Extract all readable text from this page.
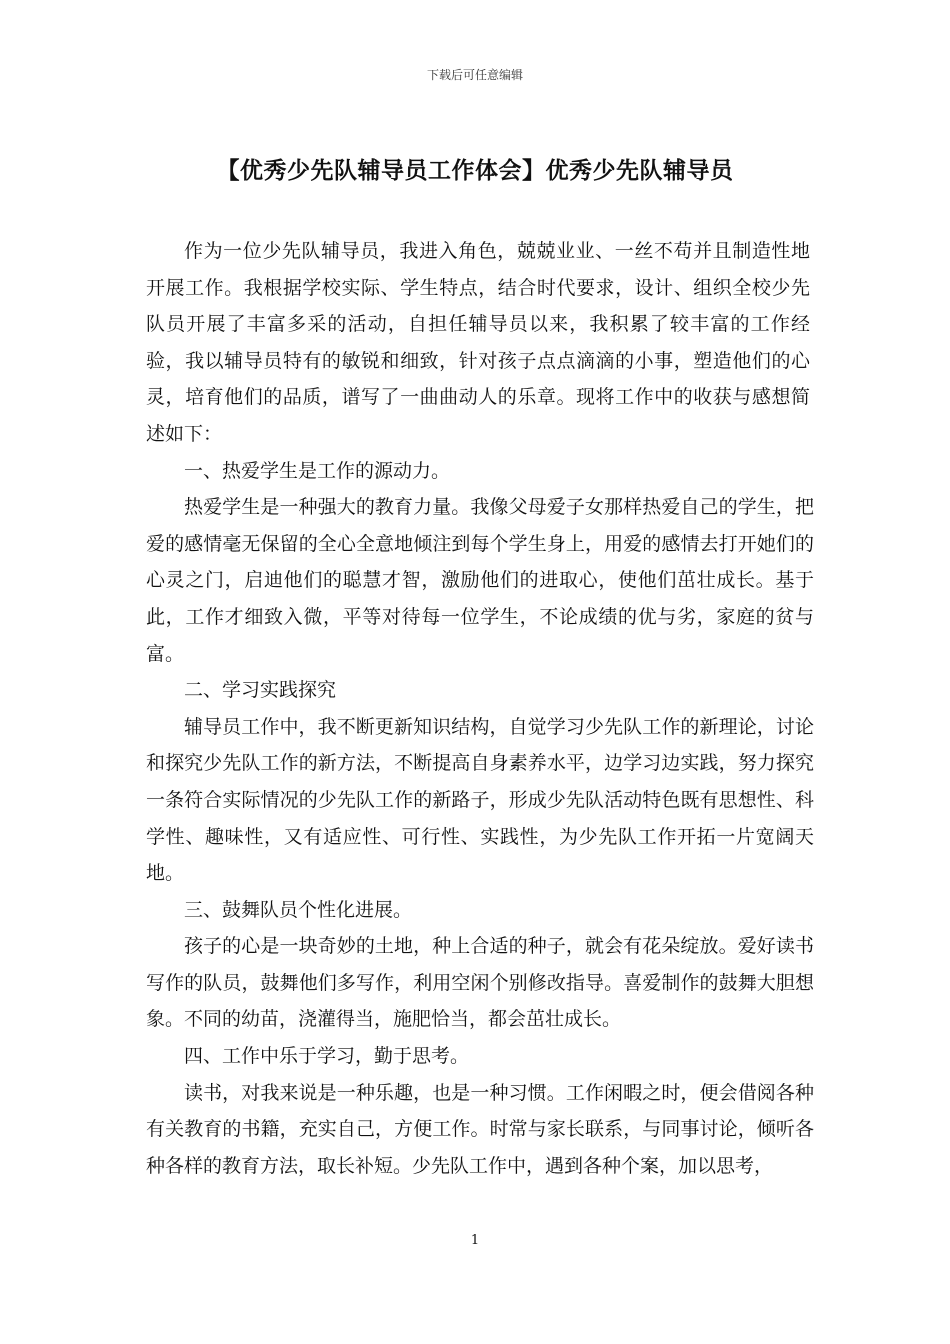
下载后可任意编辑
【优秀少先队辅导员工作体会】优秀少先队辅导员

作为一位少先队辅导员，我进入角色，兢兢业业、一丝不苟并且制造性地开展工作。我根据学校实际、学生特点，结合时代要求，设计、组织全校少先队员开展了丰富多采的活动，自担任辅导员以来，我积累了较丰富的工作经验，我以辅导员特有的敏锐和细致，针对孩子点点滴滴的小事，塑造他们的心灵，培育他们的品质，谱写了一曲曲动人的乐章。现将工作中的收获与感想简述如下：

一、热爱学生是工作的源动力。

热爱学生是一种强大的教育力量。我像父母爱子女那样热爱自己的学生，把爱的感情毫无保留的全心全意地倾注到每个学生身上，用爱的感情去打开她们的心灵之门，启迪他们的聪慧才智，激励他们的进取心，使他们茁壮成长。基于此，工作才细致入微，平等对待每一位学生，不论成绩的优与劣，家庭的贫与富。

二、学习实践探究

辅导员工作中，我不断更新知识结构，自觉学习少先队工作的新理论，讨论和探究少先队工作的新方法，不断提高自身素养水平，边学习边实践，努力探究一条符合实际情况的少先队工作的新路子，形成少先队活动特色既有思想性、科学性、趣味性，又有适应性、可行性、实践性，为少先队工作开拓一片宽阔天地。

三、鼓舞队员个性化进展。

孩子的心是一块奇妙的土地，种上合适的种子，就会有花朵绽放。爱好读书写作的队员，鼓舞他们多写作，利用空闲个别修改指导。喜爱制作的鼓舞大胆想象。不同的幼苗，浇灌得当，施肥恰当，都会茁壮成长。

四、工作中乐于学习，勤于思考。

读书，对我来说是一种乐趣，也是一种习惯。工作闲暇之时，便会借阅各种有关教育的书籍，充实自己，方便工作。时常与家长联系，与同事讨论，倾听各种各样的教育方法，取长补短。少先队工作中，遇到各种个案，加以思考，

1
